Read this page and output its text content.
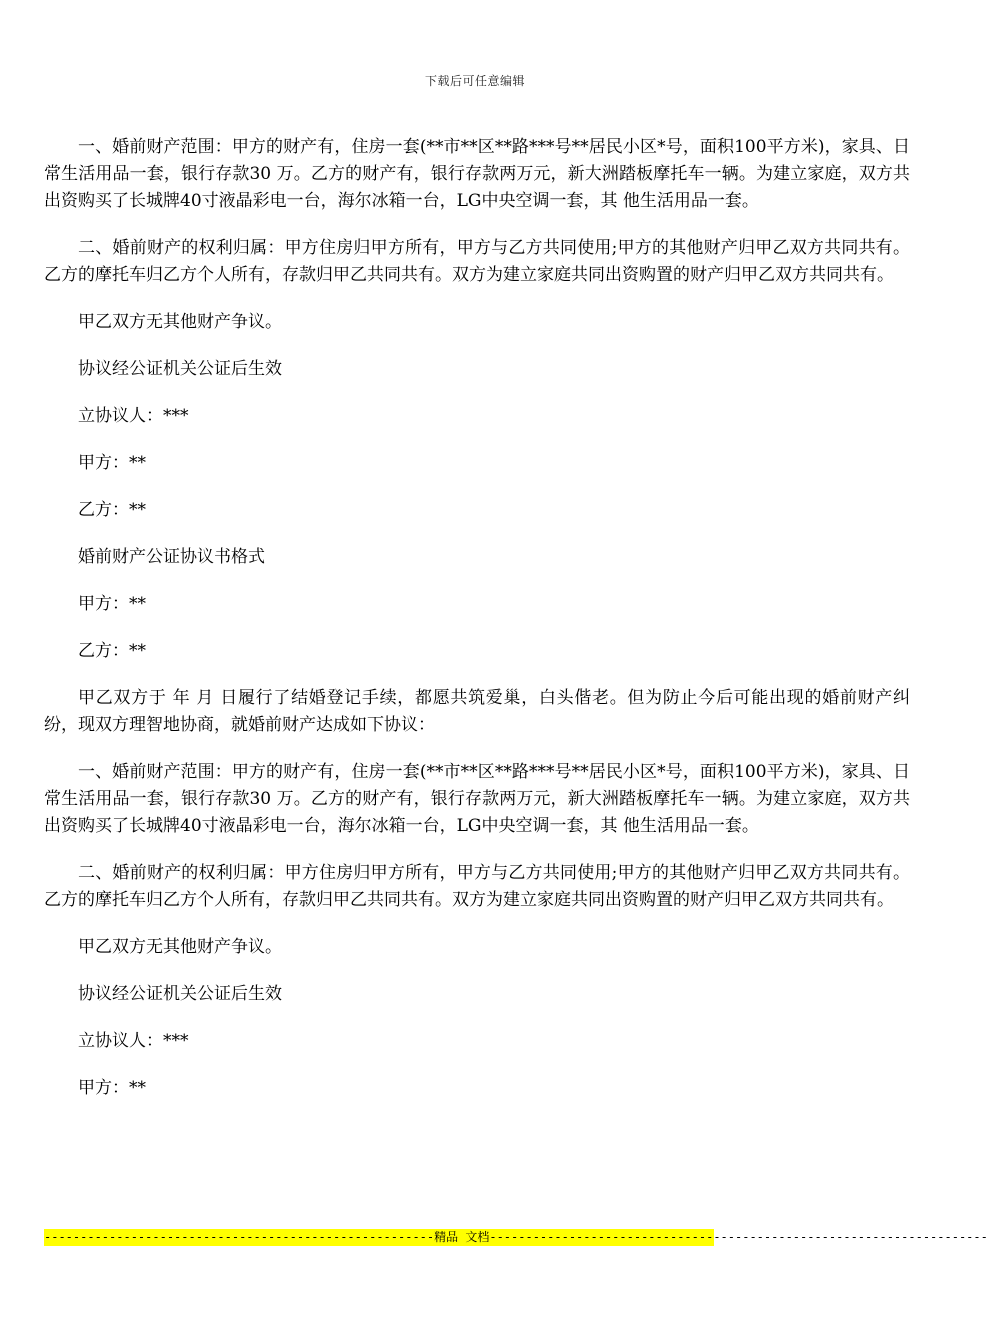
下载后可任意编辑

一、婚前财产范围：甲方的财产有，住房一套(**市**区**路***号**居民小区*号，面积100平方米)，家具、日常生活用品一套，银行存款30 万。乙方的财产有，银行存款两万元，新大洲踏板摩托车一辆。为建立家庭，双方共出资购买了长城牌40寸液晶彩电一台，海尔冰箱一台，LG中央空调一套，其 他生活用品一套。

二、婚前财产的权利归属：甲方住房归甲方所有，甲方与乙方共同使用;甲方的其他财产归甲乙双方共同共有。乙方的摩托车归乙方个人所有，存款归甲乙共同共有。双方为建立家庭共同出资购置的财产归甲乙双方共同共有。

甲乙双方无其他财产争议。

协议经公证机关公证后生效

立协议人：***

甲方：**

乙方：**

婚前财产公证协议书格式

甲方：**

乙方：**

甲乙双方于 年 月 日履行了结婚登记手续，都愿共筑爱巢，白头偕老。但为防止今后可能出现的婚前财产纠纷，现双方理智地协商，就婚前财产达成如下协议：

一、婚前财产范围：甲方的财产有，住房一套(**市**区**路***号**居民小区*号，面积100平方米)，家具、日常生活用品一套，银行存款30 万。乙方的财产有，银行存款两万元，新大洲踏板摩托车一辆。为建立家庭，双方共出资购买了长城牌40寸液晶彩电一台，海尔冰箱一台，LG中央空调一套，其 他生活用品一套。

二、婚前财产的权利归属：甲方住房归甲方所有，甲方与乙方共同使用;甲方的其他财产归甲乙双方共同共有。乙方的摩托车归乙方个人所有，存款归甲乙共同共有。双方为建立家庭共同出资购置的财产归甲乙双方共同共有。

甲乙双方无其他财产争议。

协议经公证机关公证后生效

立协议人：***

甲方：**

------------------------------------------------------精品 文档---------------------------------------------------------------------
